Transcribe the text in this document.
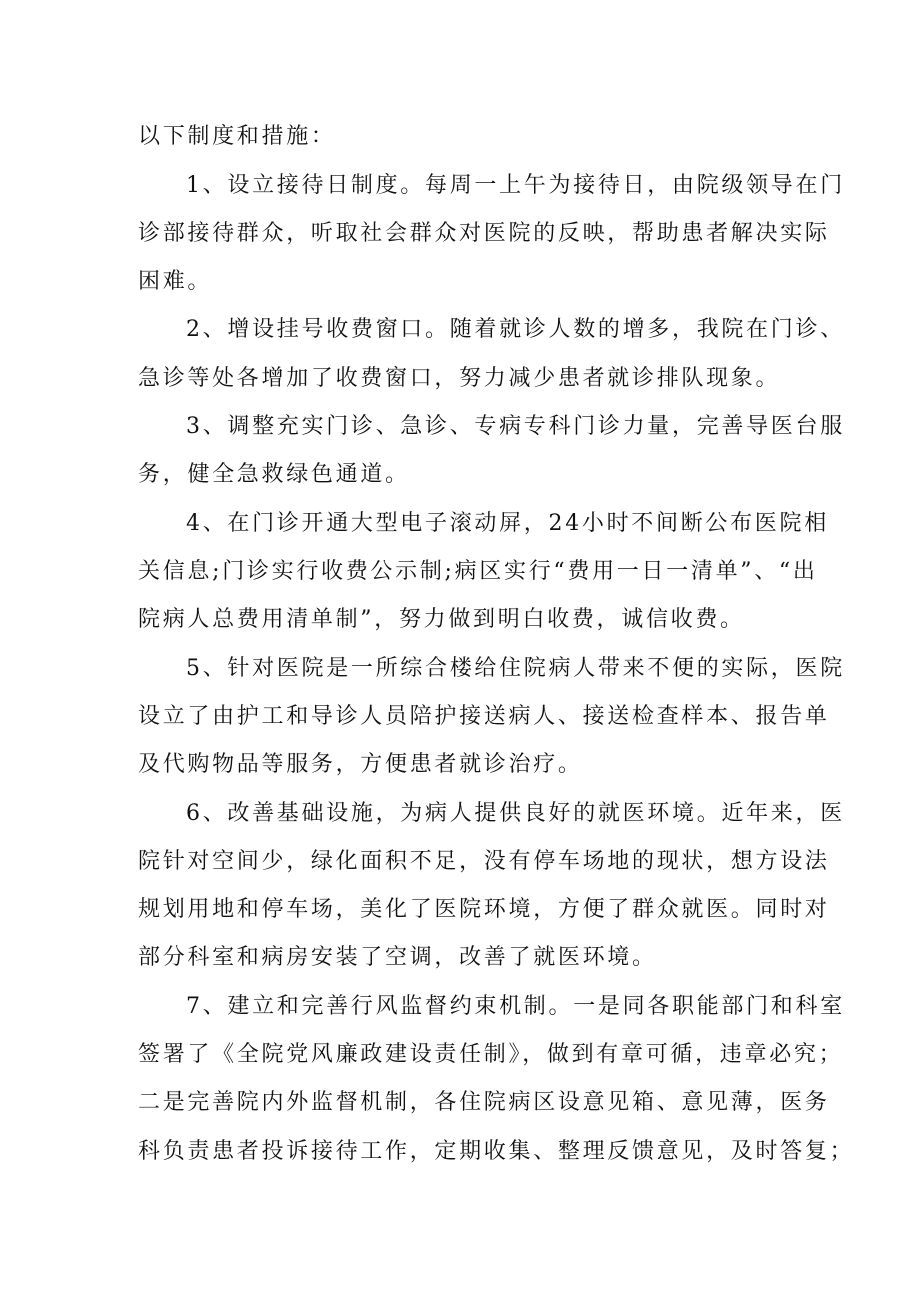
以下制度和措施：
1、设立接待日制度。每周一上午为接待日，由院级领导在门
诊部接待群众，听取社会群众对医院的反映，帮助患者解决实际
困难。
2、增设挂号收费窗口。随着就诊人数的增多，我院在门诊、
急诊等处各增加了收费窗口，努力减少患者就诊排队现象。
3、调整充实门诊、急诊、专病专科门诊力量，完善导医台服
务，健全急救绿色通道。
4、在门诊开通大型电子滚动屏，24小时不间断公布医院相
关信息;门诊实行收费公示制;病区实行“费用一日一清单”、“出
院病人总费用清单制”，努力做到明白收费，诚信收费。
5、针对医院是一所综合楼给住院病人带来不便的实际，医院
设立了由护工和导诊人员陪护接送病人、接送检查样本、报告单
及代购物品等服务，方便患者就诊治疗。
6、改善基础设施，为病人提供良好的就医环境。近年来，医
院针对空间少，绿化面积不足，没有停车场地的现状，想方设法
规划用地和停车场，美化了医院环境，方便了群众就医。同时对
部分科室和病房安装了空调，改善了就医环境。
7、建立和完善行风监督约束机制。一是同各职能部门和科室
签署了《全院党风廉政建设责任制》，做到有章可循，违章必究；
二是完善院内外监督机制，各住院病区设意见箱、意见薄，医务
科负责患者投诉接待工作，定期收集、整理反馈意见，及时答复；
